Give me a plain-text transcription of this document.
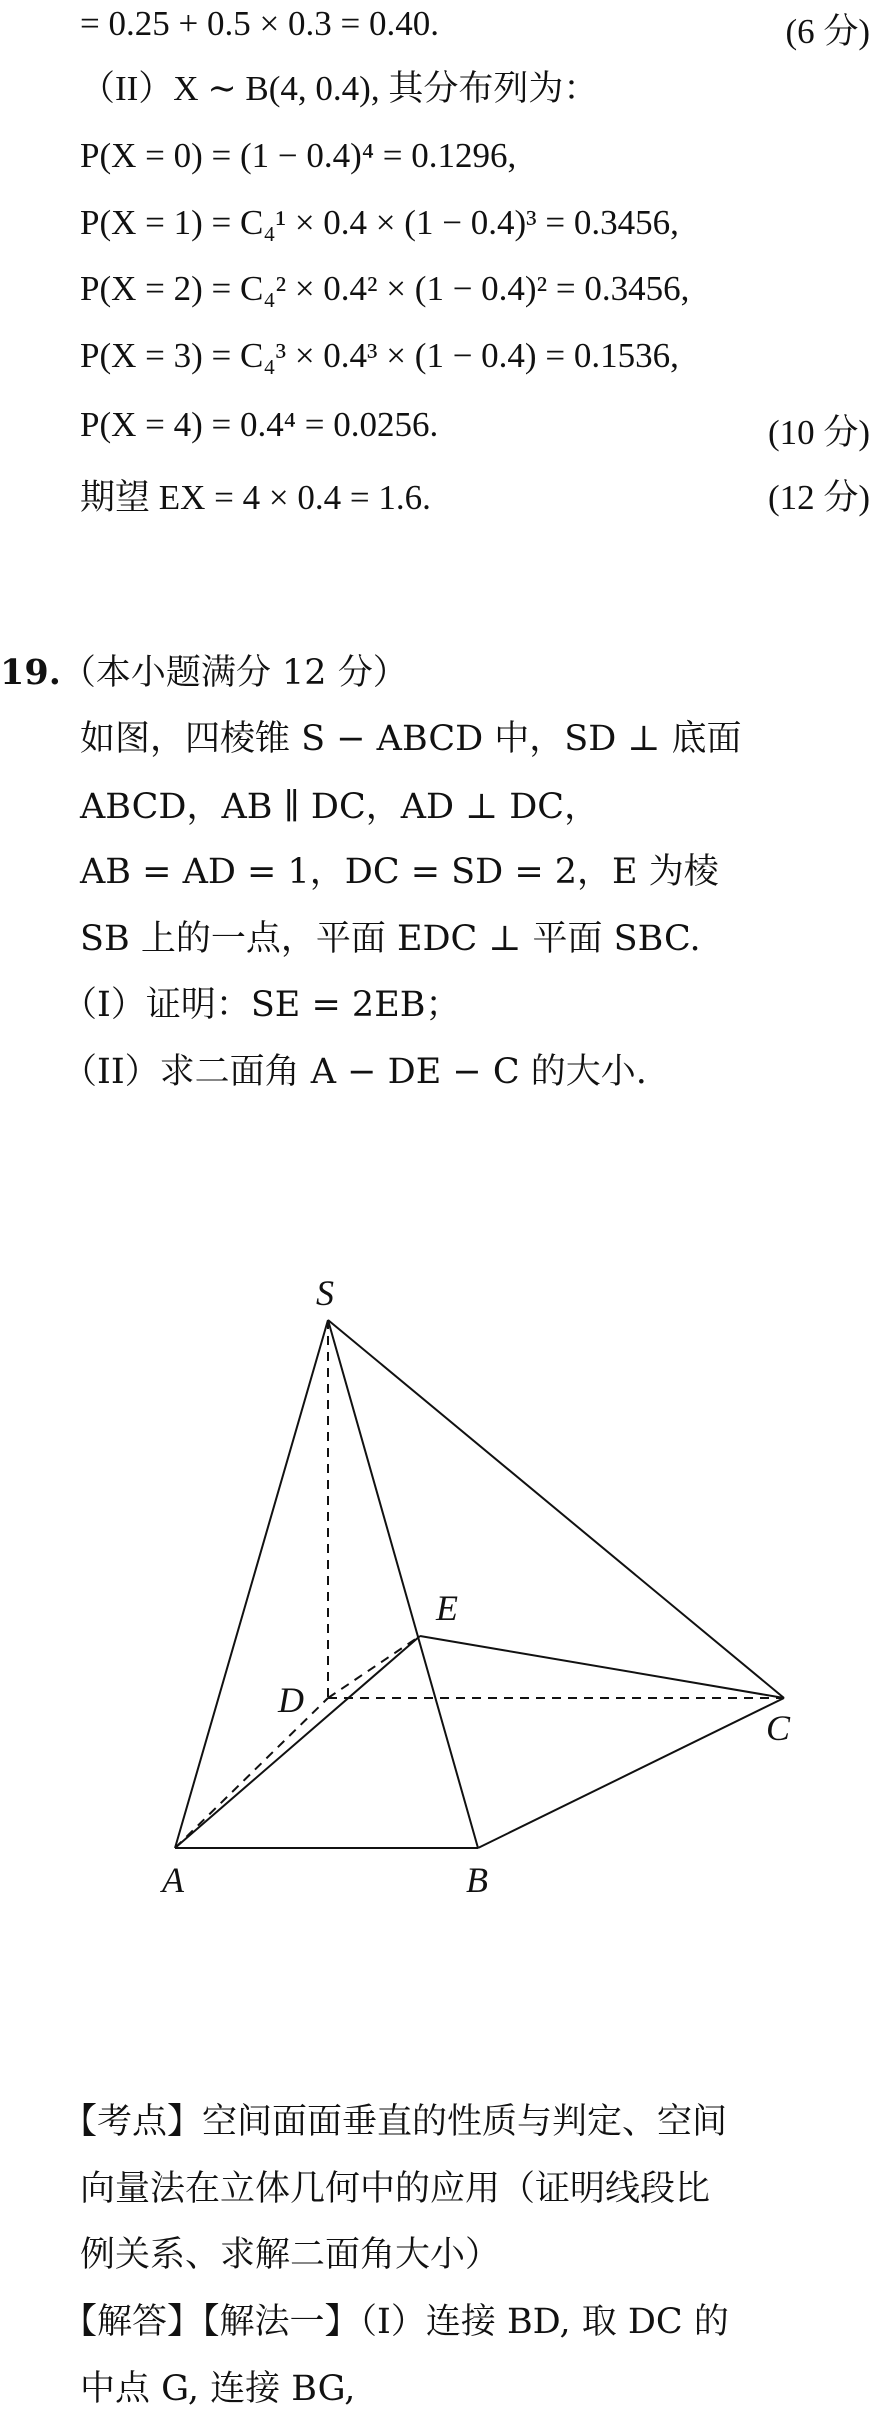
= 0.25 + 0.5 × 0.3 = 0.40.	(6 分)
（II）X ∼ B(4, 0.4), 其分布列为：
P(X = 0) = (1 − 0.4)⁴ = 0.1296,
P(X = 1) = C₄¹ × 0.4 × (1 − 0.4)³ = 0.3456,
P(X = 2) = C₄² × 0.4² × (1 − 0.4)² = 0.3456,
P(X = 3) = C₄³ × 0.4³ × (1 − 0.4) = 0.1536,
P(X = 4) = 0.4⁴ = 0.0256.	(10 分)
期望 EX = 4 × 0.4 = 1.6.	(12 分)
19.（本小题满分 12 分）
如图，四棱锥 S − ABCD 中，SD ⊥ 底面
ABCD，AB ∥ DC，AD ⊥ DC，
AB = AD = 1，DC = SD = 2，E 为棱
SB 上的一点，平面 EDC ⊥ 平面 SBC.
（I）证明：SE = 2EB；
（II）求二面角 A − DE − C 的大小.
S
E
D
C
A	B
【考点】空间面面垂直的性质与判定、空间
向量法在立体几何中的应用（证明线段比
例关系、求解二面角大小）
【解答】【解法一】（I）连接 BD, 取 DC 的
中点 G, 连接 BG,
